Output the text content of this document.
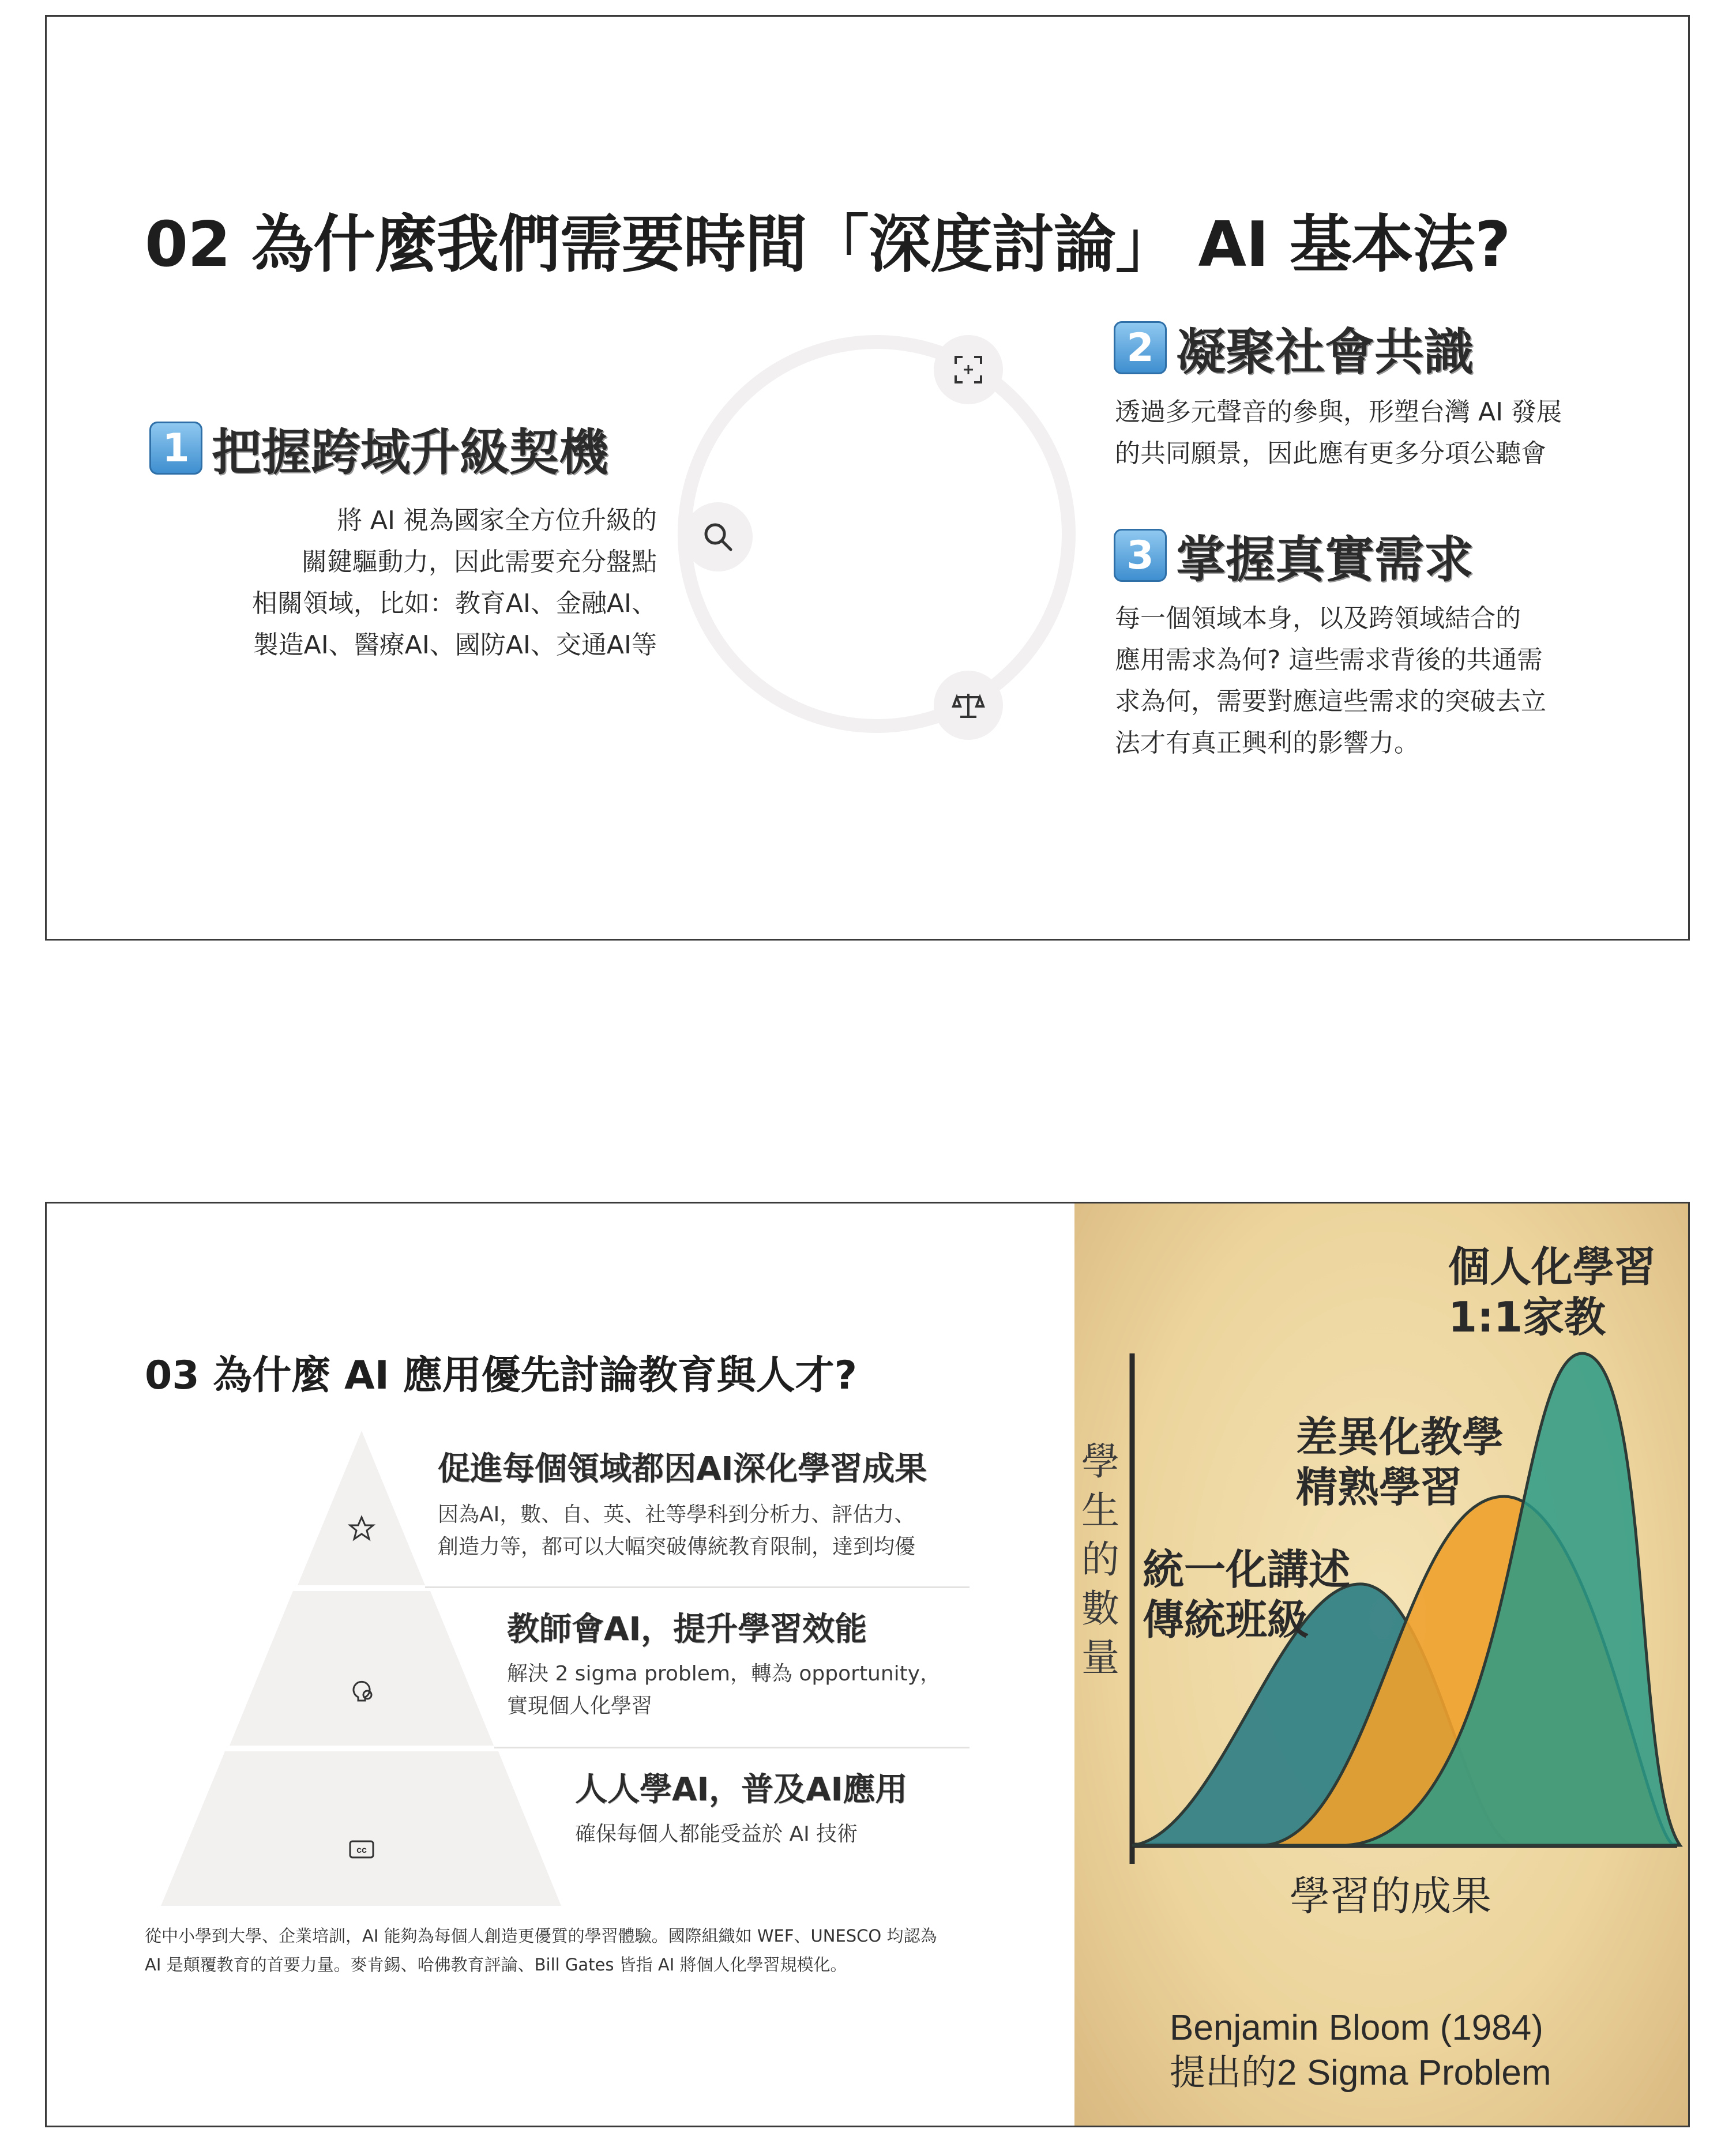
02 為什麼我們需要時間「深度討論」 AI 基本法?
1 把握跨域升級契機
將 AI 視為國家全方位升級的
關鍵驅動力，因此需要充分盤點
相關領域，比如：教育AI、金融AI、
製造AI、醫療AI、國防AI、交通AI等
2 凝聚社會共識
透過多元聲音的參與，形塑台灣 AI 發展
的共同願景，因此應有更多分項公聽會
3 掌握真實需求
每一個領域本身，以及跨領域結合的
應用需求為何? 這些需求背後的共通需
求為何，需要對應這些需求的突破去立
法才有真正興利的影響力。
03 為什麼 AI 應用優先討論教育與人才?
cc
促進每個領域都因AI深化學習成果
因為AI，數、自、英、社等學科到分析力、評估力、
創造力等，都可以大幅突破傳統教育限制，達到均優
教師會AI，提升學習效能
解決 2 sigma problem，轉為 opportunity，
實現個人化學習
人人學AI，普及AI應用
確保每個人都能受益於 AI 技術
從中小學到大學、企業培訓，AI 能夠為每個人創造更優質的學習體驗。國際組織如 WEF、UNESCO 均認為
AI 是顛覆教育的首要力量。麥肯錫、哈佛教育評論、Bill Gates 皆指 AI 將個人化學習規模化。
學
生
的
數
量
個人化學習
1:1家教
差異化教學
精熟學習
統一化講述
傳統班級
學習的成果
Benjamin Bloom (1984)
提出的2 Sigma Problem
